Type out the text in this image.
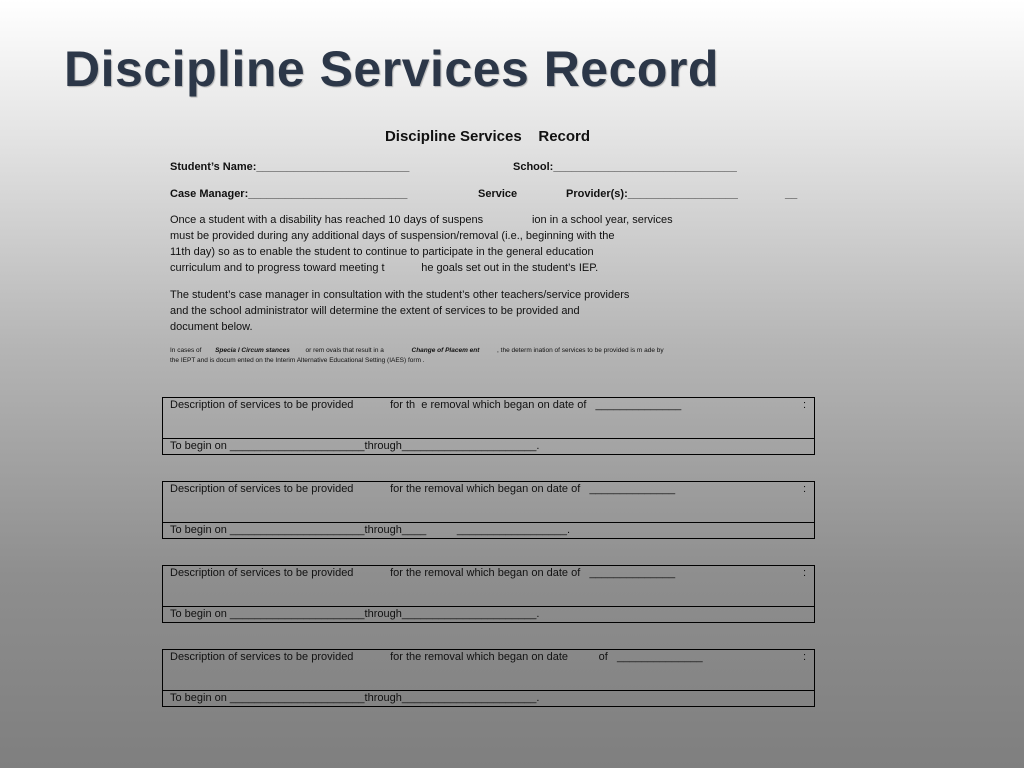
Discipline Services Record
Discipline Services    Record
Student’s Name:_________________________	School:______________________________
Case Manager:__________________________	Service	Provider(s):__________________	__
Once a student with a disability has reached 10 days of suspens                ion in a school year, services
must be provided during any additional days of suspension/removal (i.e., beginning with the
11th day) so as to enable the student to continue to participate in the general education
curriculum and to progress toward meeting t            he goals set out in the student’s IEP.
The student’s case manager in consultation with the student’s other teachers/service providers
and the school administrator will determine the extent of services to be provided and
document below.
In cases of Specia l Circum stances or rem ovals that result in a	Change of Placem ent	, the determ ination of services to be provided is m ade by
the IEPT and is docum ented on the Interim Alternative Educational Setting (IAES) form .
Description of services to be provided            for th  e removal which began on date of   ______________	:
To begin on ______________________through______________________.
Description of services to be provided            for the removal which began on date of   ______________	:
To begin on ______________________through____          __________________.
Description of services to be provided            for the removal which began on date of   ______________	:
To begin on ______________________through______________________.
Description of services to be provided            for the removal which began on date          of   ______________	:
To begin on ______________________through______________________.
